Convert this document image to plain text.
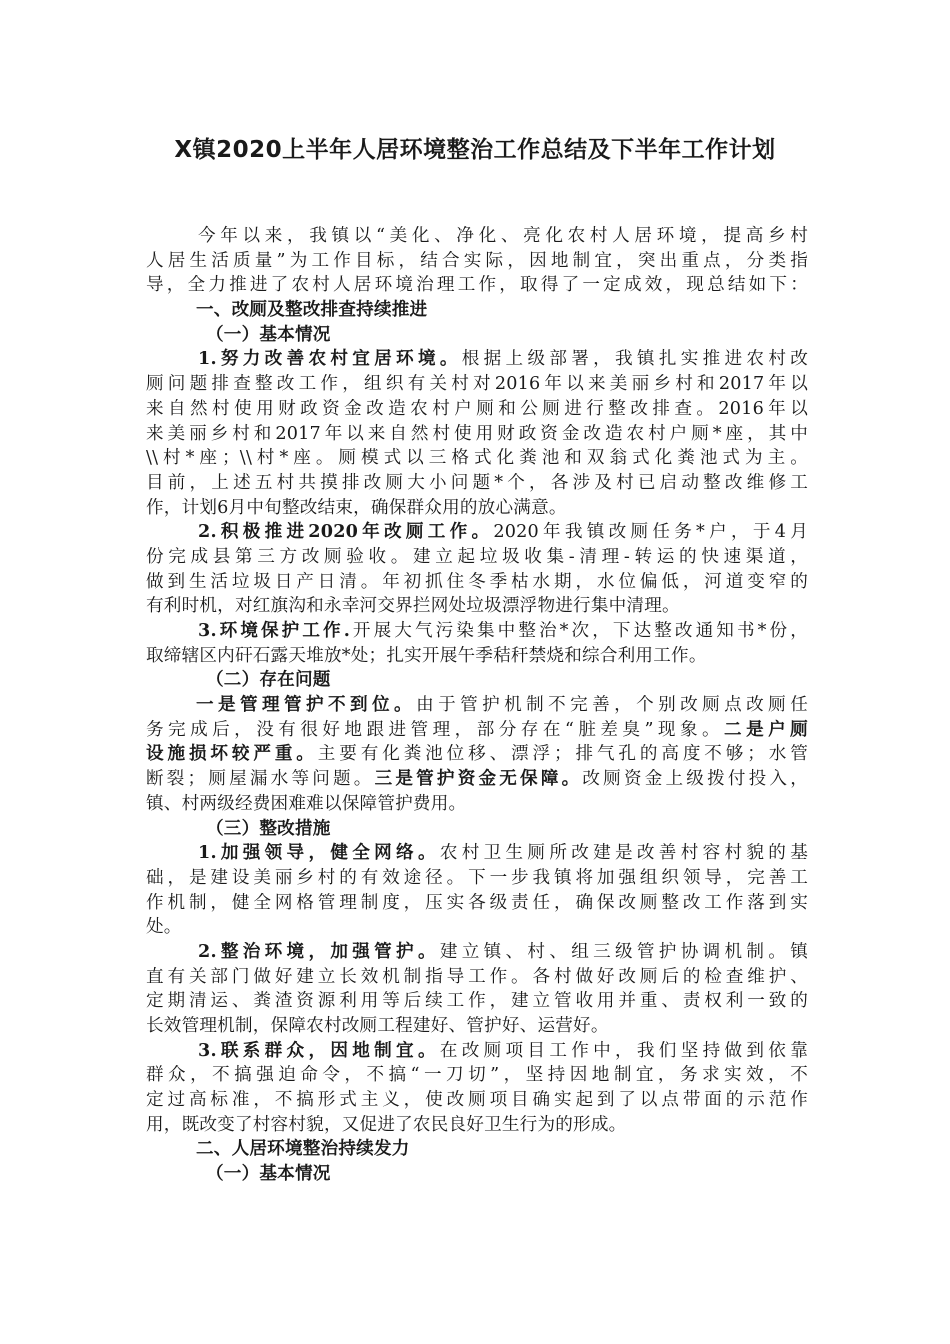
X镇2020上半年人居环境整治工作总结及下半年工作计划
今年以来，我镇以“美化、净化、亮化农村人居环境，提高乡村
人居生活质量”为工作目标，结合实际，因地制宜，突出重点，分类指
导，全力推进了农村人居环境治理工作，取得了一定成效，现总结如下：
一、改厕及整改排查持续推进
（一）基本情况
1.努力改善农村宜居环境。根据上级部署，我镇扎实推进农村改
厕问题排查整改工作，组织有关村对2016年以来美丽乡村和2017年以
来自然村使用财政资金改造农村户厕和公厕进行整改排查。2016年以
来美丽乡村和2017年以来自然村使用财政资金改造农村户厕*座，其中
\\村*座；\\村*座。厕模式以三格式化粪池和双翁式化粪池式为主。
目前，上述五村共摸排改厕大小问题*个，各涉及村已启动整改维修工
作，计划6月中旬整改结束，确保群众用的放心满意。
2.积极推进2020年改厕工作。2020年我镇改厕任务*户，于4月
份完成县第三方改厕验收。建立起垃圾收集-清理-转运的快速渠道，
做到生活垃圾日产日清。年初抓住冬季枯水期，水位偏低，河道变窄的
有利时机，对红旗沟和永幸河交界拦网处垃圾漂浮物进行集中清理。
3.环境保护工作.开展大气污染集中整治*次，下达整改通知书*份，
取缔辖区内矸石露天堆放*处；扎实开展午季秸秆禁烧和综合利用工作。
（二）存在问题
一是管理管护不到位。由于管护机制不完善，个别改厕点改厕任
务完成后，没有很好地跟进管理，部分存在“脏差臭”现象。二是户厕
设施损坏较严重。主要有化粪池位移、漂浮；排气孔的高度不够；水管
断裂；厕屋漏水等问题。三是管护资金无保障。改厕资金上级拨付投入，
镇、村两级经费困难难以保障管护费用。
（三）整改措施
1.加强领导，健全网络。农村卫生厕所改建是改善村容村貌的基
础，是建设美丽乡村的有效途径。下一步我镇将加强组织领导，完善工
作机制，健全网格管理制度，压实各级责任，确保改厕整改工作落到实
处。
2.整治环境，加强管护。建立镇、村、组三级管护协调机制。镇
直有关部门做好建立长效机制指导工作。各村做好改厕后的检查维护、
定期清运、粪渣资源利用等后续工作，建立管收用并重、责权利一致的
长效管理机制，保障农村改厕工程建好、管护好、运营好。
3.联系群众，因地制宜。在改厕项目工作中，我们坚持做到依靠
群众，不搞强迫命令，不搞“一刀切”，坚持因地制宜，务求实效，不
定过高标准，不搞形式主义，使改厕项目确实起到了以点带面的示范作
用，既改变了村容村貌，又促进了农民良好卫生行为的形成。
二、人居环境整治持续发力
（一）基本情况
